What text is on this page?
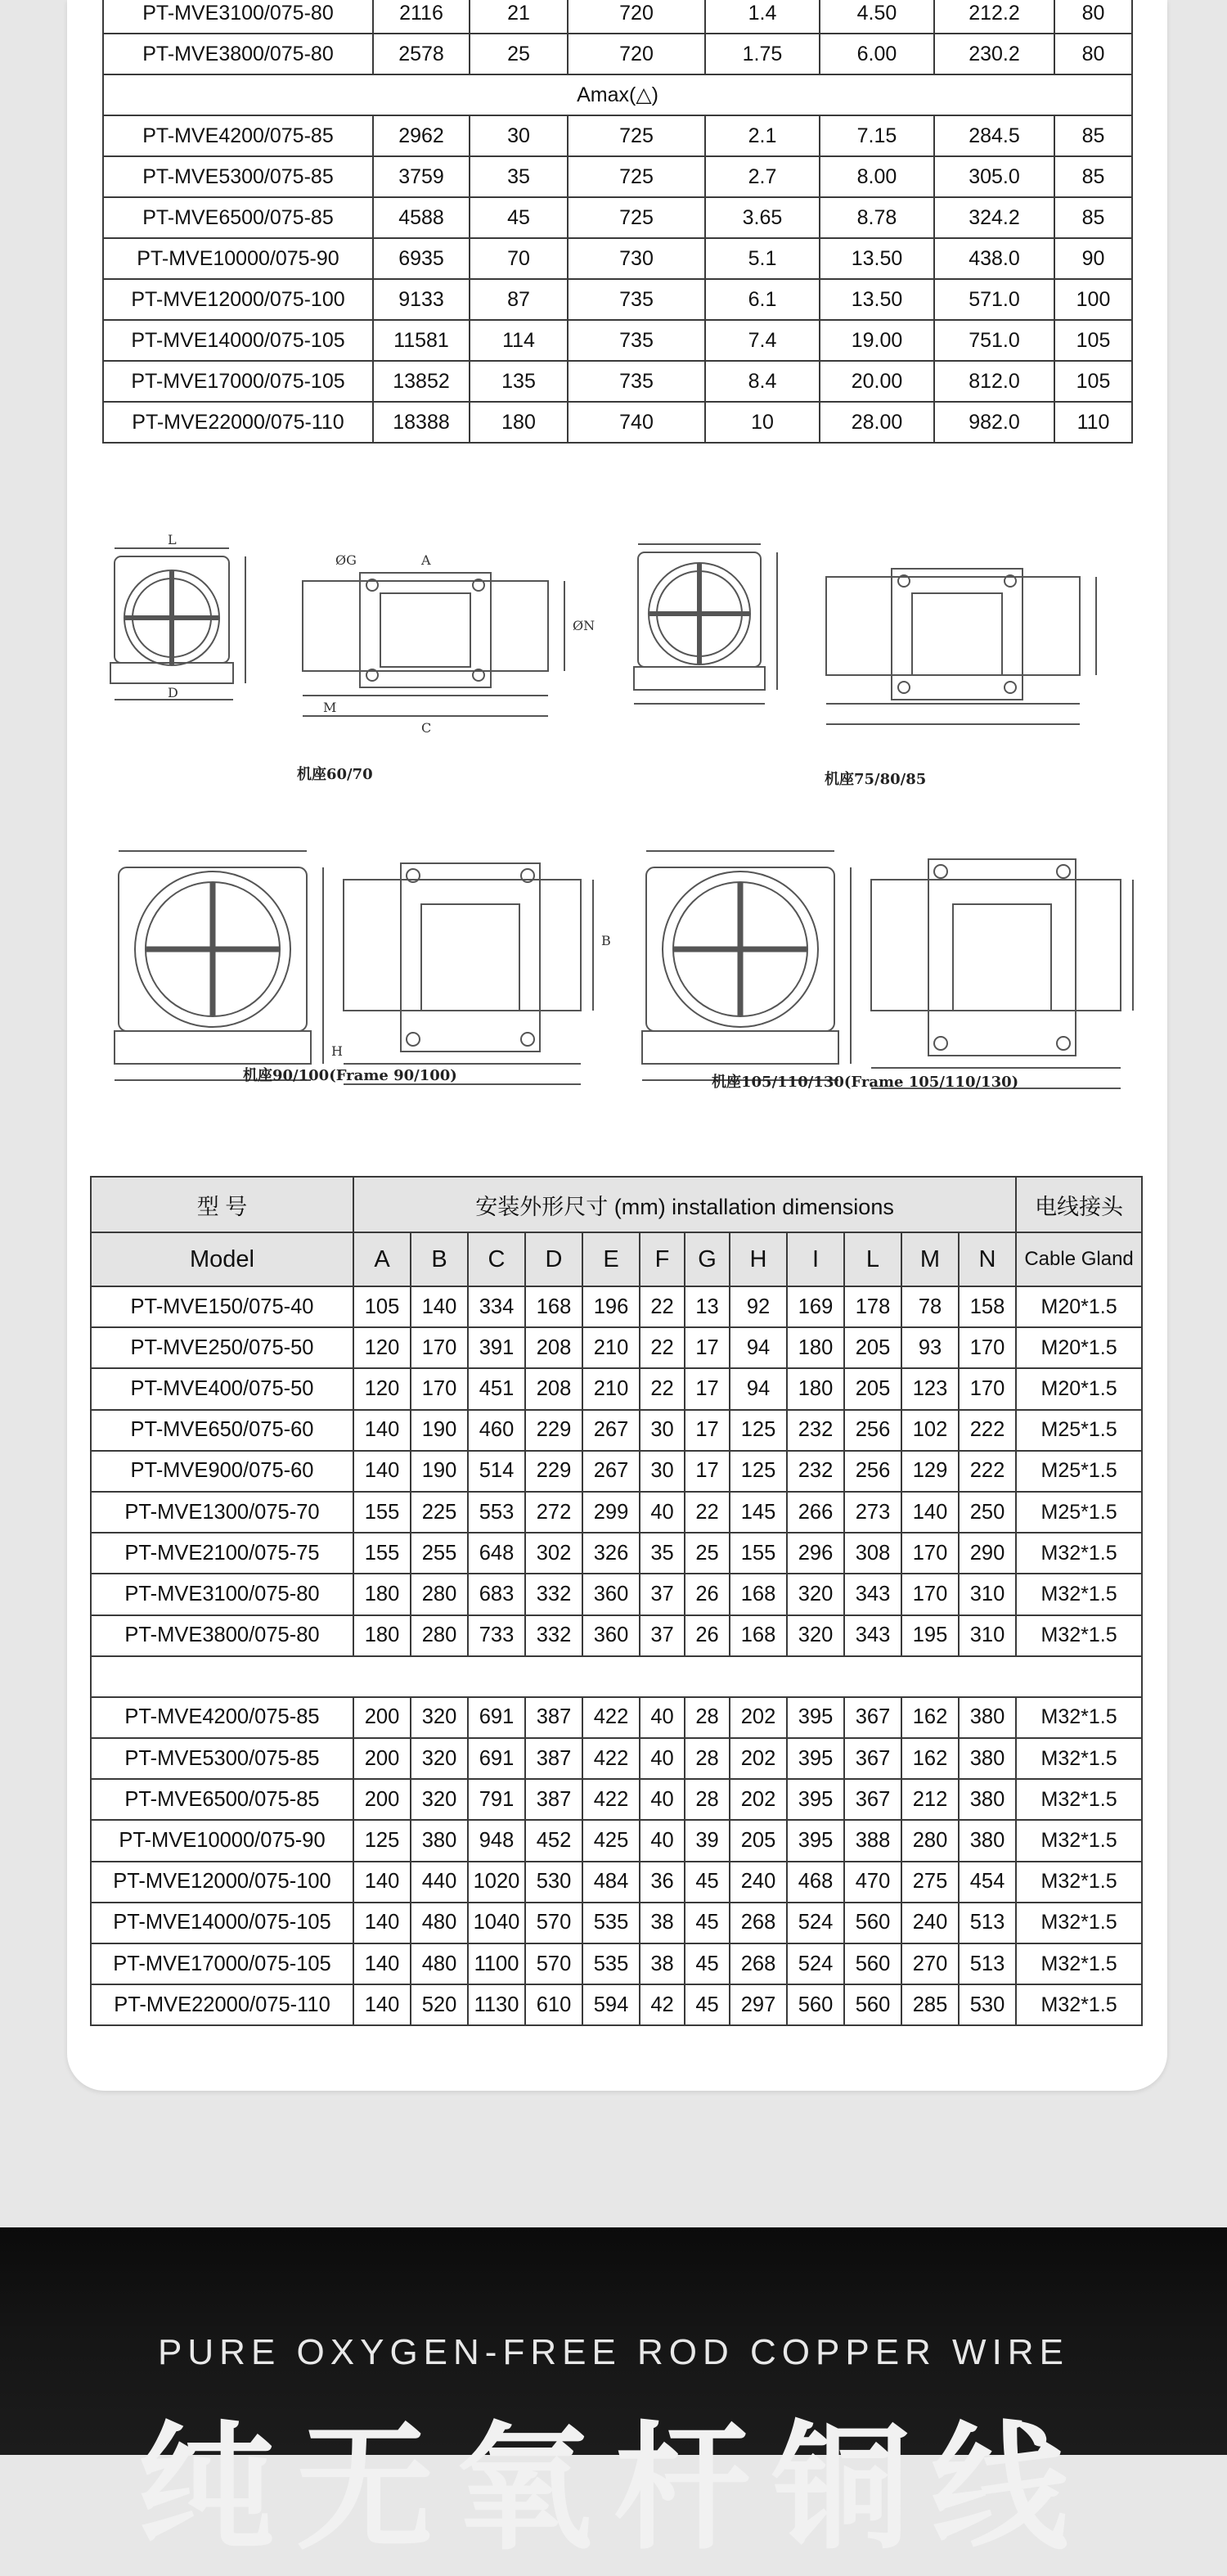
PT-MVE3100/075-80	2116	21	720	1.4	4.50	212.2	80
PT-MVE3800/075-80	2578	25	720	1.75	6.00	230.2	80
Amax(△)							
PT-MVE4200/075-85	2962	30	725	2.1	7.15	284.5	85
PT-MVE5300/075-85	3759	35	725	2.7	8.00	305.0	85
PT-MVE6500/075-85	4588	45	725	3.65	8.78	324.2	85
PT-MVE10000/075-90	6935	70	730	5.1	13.50	438.0	90
PT-MVE12000/075-100	9133	87	735	6.1	13.50	571.0	100
PT-MVE14000/075-105	11581	114	735	7.4	19.00	751.0	105
PT-MVE17000/075-105	13852	135	735	8.4	20.00	812.0	105
PT-MVE22000/075-110	18388	180	740	10	28.00	982.0	110
L
D
ØG	A
M
C
ØN
B
H
机座60/70	机座75/80/85
机座90/100(Frame 90/100)	机座105/110/130(Frame 105/110/130)
型 号	安装外形尺寸 (mm) installation dimensions												电线接头
Model	A	B	C	D	E	F	G	H	I	L	M	N	Cable Gland
PT-MVE150/075-40	105	140	334	168	196	22	13	92	169	178	78	158	M20*1.5
PT-MVE250/075-50	120	170	391	208	210	22	17	94	180	205	93	170	M20*1.5
PT-MVE400/075-50	120	170	451	208	210	22	17	94	180	205	123	170	M20*1.5
PT-MVE650/075-60	140	190	460	229	267	30	17	125	232	256	102	222	M25*1.5
PT-MVE900/075-60	140	190	514	229	267	30	17	125	232	256	129	222	M25*1.5
PT-MVE1300/075-70	155	225	553	272	299	40	22	145	266	273	140	250	M25*1.5
PT-MVE2100/075-75	155	255	648	302	326	35	25	155	296	308	170	290	M32*1.5
PT-MVE3100/075-80	180	280	683	332	360	37	26	168	320	343	170	310	M32*1.5
PT-MVE3800/075-80	180	280	733	332	360	37	26	168	320	343	195	310	M32*1.5

PT-MVE4200/075-85	200	320	691	387	422	40	28	202	395	367	162	380	M32*1.5
PT-MVE5300/075-85	200	320	691	387	422	40	28	202	395	367	162	380	M32*1.5
PT-MVE6500/075-85	200	320	791	387	422	40	28	202	395	367	212	380	M32*1.5
PT-MVE10000/075-90	125	380	948	452	425	40	39	205	395	388	280	380	M32*1.5
PT-MVE12000/075-100	140	440	1020	530	484	36	45	240	468	470	275	454	M32*1.5
PT-MVE14000/075-105	140	480	1040	570	535	38	45	268	524	560	240	513	M32*1.5
PT-MVE17000/075-105	140	480	1100	570	535	38	45	268	524	560	270	513	M32*1.5
PT-MVE22000/075-110	140	520	1130	610	594	42	45	297	560	560	285	530	M32*1.5
PURE OXYGEN-FREE ROD COPPER WIRE
纯无氧杆铜线
